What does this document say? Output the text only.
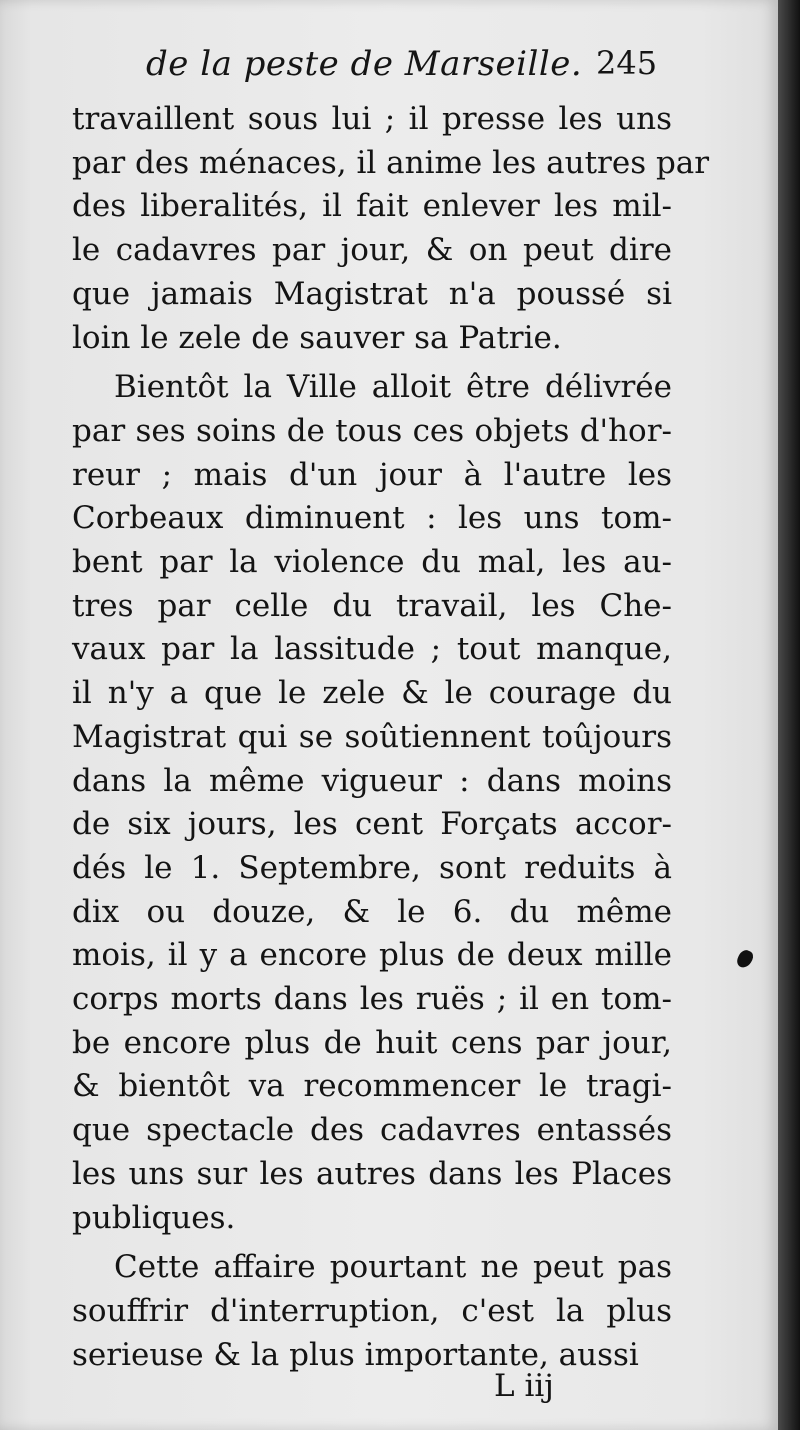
de la peste de Marseille. 245
travaillent sous lui ; il presse les uns
par des ménaces, il anime les autres par
des liberalités, il fait enlever les mil-
le cadavres par jour, & on peut dire
que jamais Magistrat n'a poussé si
loin le zele de sauver sa Patrie.
Bientôt la Ville alloit être délivrée
par ses soins de tous ces objets d'hor-
reur ; mais d'un jour à l'autre les
Corbeaux diminuent : les uns tom-
bent par la violence du mal, les au-
tres par celle du travail, les Che-
vaux par la lassitude ; tout manque,
il n'y a que le zele & le courage du
Magistrat qui se soûtiennent toûjours
dans la même vigueur : dans moins
de six jours, les cent Forçats accor-
dés le 1. Septembre, sont reduits à
dix ou douze, & le 6. du même
mois, il y a encore plus de deux mille
corps morts dans les ruës ; il en tom-
be encore plus de huit cens par jour,
& bientôt va recommencer le tragi-
que spectacle des cadavres entassés
les uns sur les autres dans les Places
publiques.
Cette affaire pourtant ne peut pas
souffrir d'interruption, c'est la plus
serieuse & la plus importante, aussi
L iij
